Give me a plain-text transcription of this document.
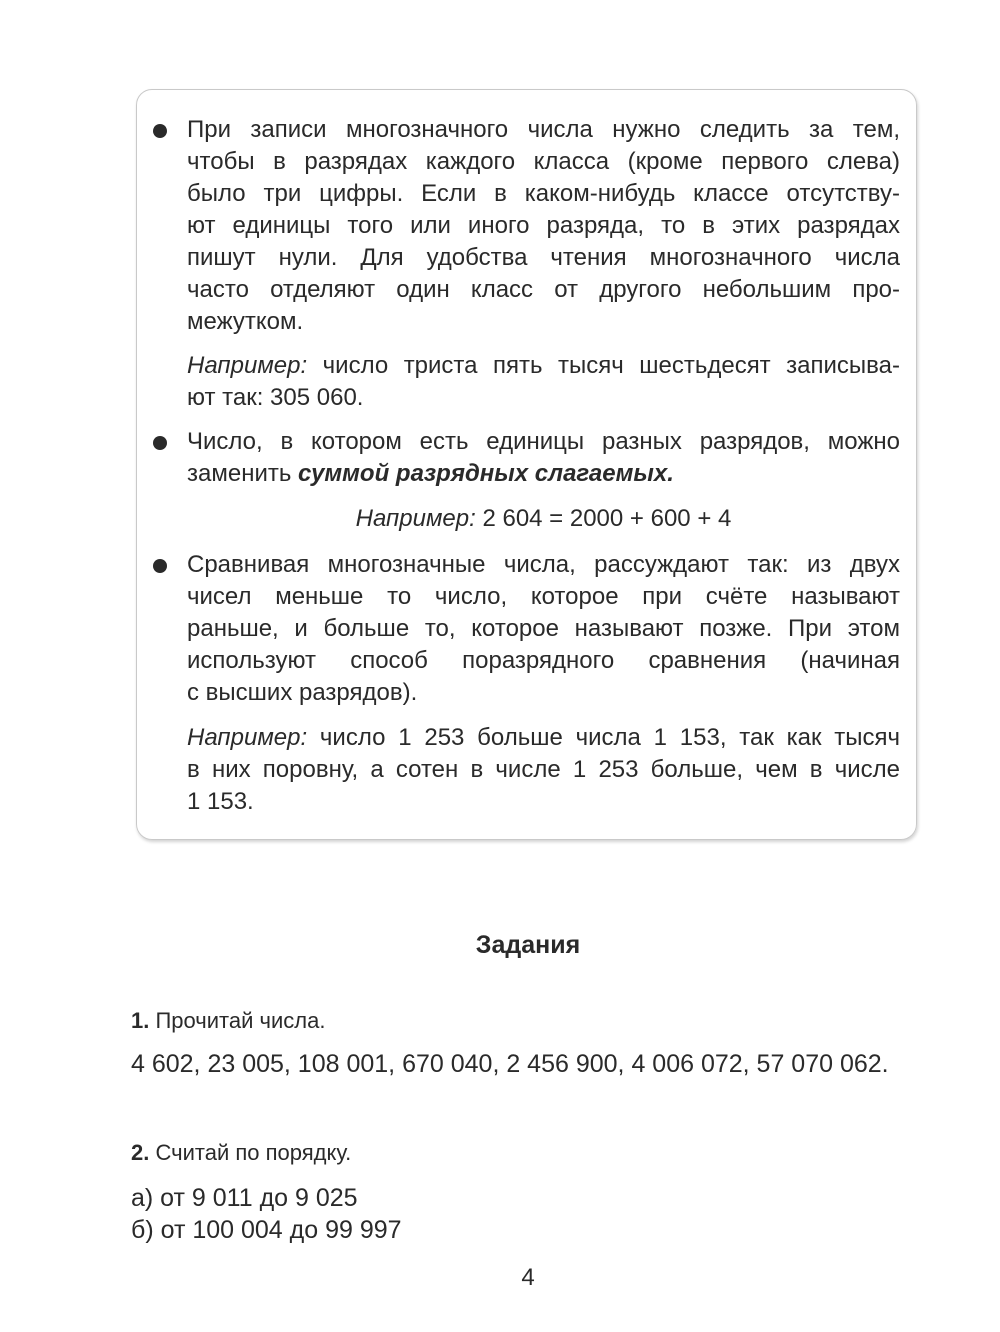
При записи многозначного числа нужно следить за тем,
чтобы в разрядах каждого класса (кроме первого слева)
было три цифры. Если в каком-нибудь классе отсутству-
ют единицы того или иного разряда, то в этих разрядах
пишут нули. Для удобства чтения многозначного числа
часто отделяют один класс от другого небольшим про-
межутком.
Например: число триста пять тысяч шестьдесят записыва-
ют так: 305 060.
Число, в котором есть единицы разных разрядов, можно
заменить суммой разрядных слагаемых.
Например: 2 604 = 2000 + 600 + 4
Сравнивая многозначные числа, рассуждают так: из двух
чисел меньше то число, которое при счёте называют
раньше, и больше то, которое называют позже. При этом
используют способ поразрядного сравнения (начиная
с высших разрядов).
Например: число 1 253 больше числа 1 153, так как тысяч
в них поровну, а сотен в числе 1 253 больше, чем в числе
1 153.
Задания
1. Прочитай числа.
4 602, 23 005, 108 001, 670 040, 2 456 900, 4 006 072, 57 070 062.
2. Считай по порядку.
а) от 9 011 до 9 025
б) от 100 004 до 99 997
4
